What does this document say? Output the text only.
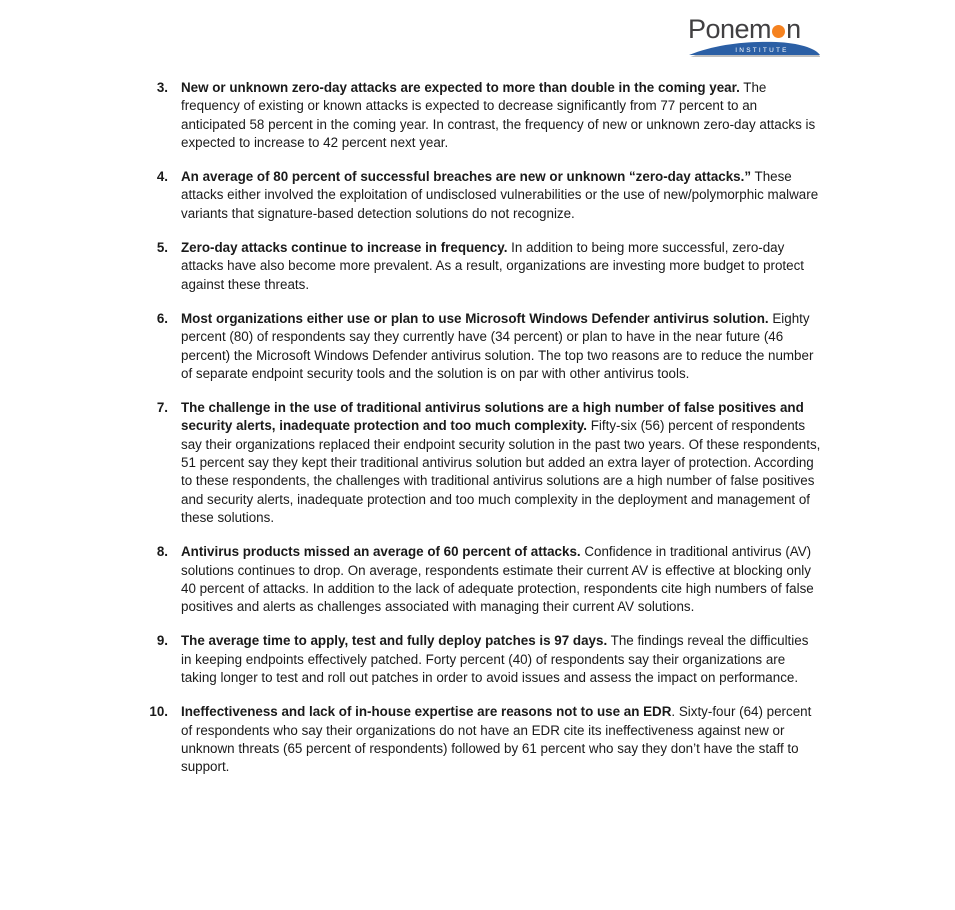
Ponem n
INSTITUTE
3. New or unknown zero-day attacks are expected to more than double in the coming year. The frequency of existing or known attacks is expected to decrease significantly from 77 percent to an anticipated 58 percent in the coming year. In contrast, the frequency of new or unknown zero-day attacks is expected to increase to 42 percent next year.

4. An average of 80 percent of successful breaches are new or unknown “zero-day attacks.” These attacks either involved the exploitation of undisclosed vulnerabilities or the use of new/polymorphic malware variants that signature-based detection solutions do not recognize.

5. Zero-day attacks continue to increase in frequency. In addition to being more successful, zero-day attacks have also become more prevalent. As a result, organizations are investing more budget to protect against these threats.

6. Most organizations either use or plan to use Microsoft Windows Defender antivirus solution. Eighty percent (80) of respondents say they currently have (34 percent) or plan to have in the near future (46 percent) the Microsoft Windows Defender antivirus solution. The top two reasons are to reduce the number of separate endpoint security tools and the solution is on par with other antivirus tools.

7. The challenge in the use of traditional antivirus solutions are a high number of false positives and security alerts, inadequate protection and too much complexity. Fifty-six (56) percent of respondents say their organizations replaced their endpoint security solution in the past two years. Of these respondents, 51 percent say they kept their traditional antivirus solution but added an extra layer of protection. According to these respondents, the challenges with traditional antivirus solutions are a high number of false positives and security alerts, inadequate protection and too much complexity in the deployment and management of these solutions.

8. Antivirus products missed an average of 60 percent of attacks. Confidence in traditional antivirus (AV) solutions continues to drop. On average, respondents estimate their current AV is effective at blocking only 40 percent of attacks. In addition to the lack of adequate protection, respondents cite high numbers of false positives and alerts as challenges associated with managing their current AV solutions.

9. The average time to apply, test and fully deploy patches is 97 days. The findings reveal the difficulties in keeping endpoints effectively patched. Forty percent (40) of respondents say their organizations are taking longer to test and roll out patches in order to avoid issues and assess the impact on performance.

10. Ineffectiveness and lack of in-house expertise are reasons not to use an EDR. Sixty-four (64) percent of respondents who say their organizations do not have an EDR cite its ineffectiveness against new or unknown threats (65 percent of respondents) followed by 61 percent who say they don’t have the staff to support.
